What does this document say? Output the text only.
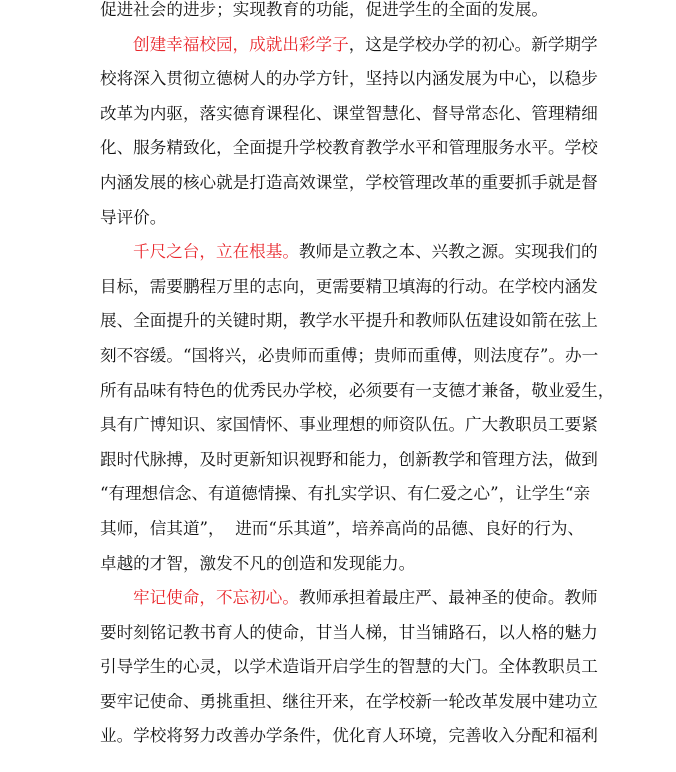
促进社会的进步；实现教育的功能，促进学生的全面的发展。

创建幸福校园，成就出彩学子，这是学校办学的初心。新学期学
校将深入贯彻立德树人的办学方针，坚持以内涵发展为中心，以稳步
改革为内驱，落实德育课程化、课堂智慧化、督导常态化、管理精细
化、服务精致化，全面提升学校教育教学水平和管理服务水平。学校
内涵发展的核心就是打造高效课堂，学校管理改革的重要抓手就是督
导评价。

千尺之台，立在根基。教师是立教之本、兴教之源。实现我们的
目标，需要鹏程万里的志向，更需要精卫填海的行动。在学校内涵发
展、全面提升的关键时期，教学水平提升和教师队伍建设如箭在弦上
刻不容缓。“国将兴，必贵师而重傅；贵师而重傅，则法度存”。办一
所有品味有特色的优秀民办学校，必须要有一支德才兼备，敬业爱生，
具有广博知识、家国情怀、事业理想的师资队伍。广大教职员工要紧
跟时代脉搏，及时更新知识视野和能力，创新教学和管理方法，做到
“有理想信念、有道德情操、有扎实学识、有仁爱之心”，让学生“亲
其师，信其道”，  进而“乐其道”，培养高尚的品德、良好的行为、
卓越的才智，激发不凡的创造和发现能力。

牢记使命，不忘初心。教师承担着最庄严、最神圣的使命。教师
要时刻铭记教书育人的使命，甘当人梯，甘当铺路石，以人格的魅力
引导学生的心灵，以学术造诣开启学生的智慧的大门。全体教职员工
要牢记使命、勇挑重担、继往开来，在学校新一轮改革发展中建功立
业。学校将努力改善办学条件，优化育人环境，完善收入分配和福利
